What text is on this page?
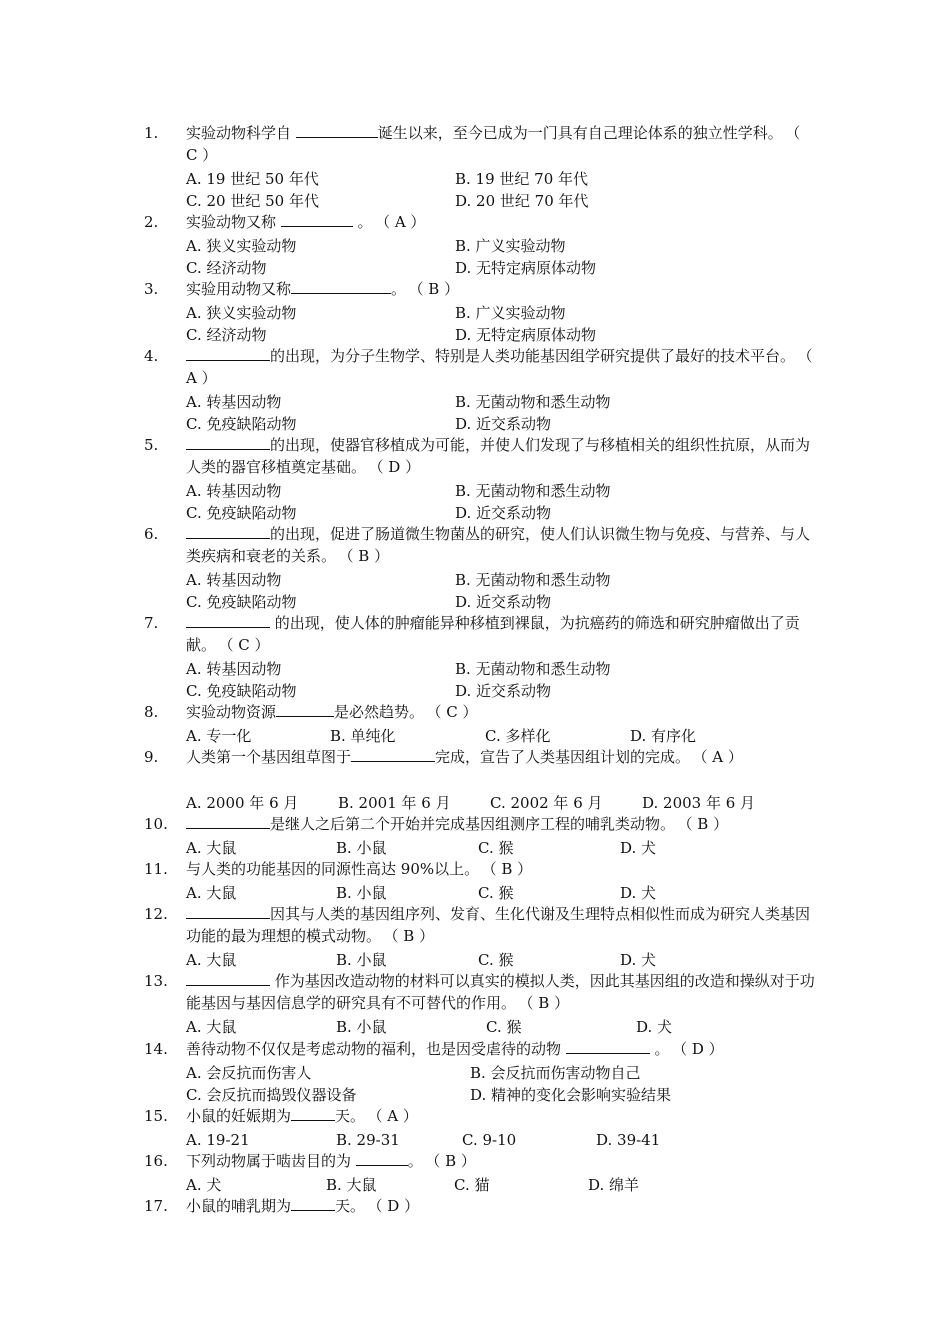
1.	实验动物科学自	诞生以来，至今已成为一门具有自己理论体系的独立性学科。 （ C ）
A. 19 世纪 50 年代	B. 19 世纪 70 年代
C. 20 世纪 50 年代	D. 20 世纪 70 年代
2.	实验动物又称	。 （ A ）
A. 狭义实验动物	B. 广义实验动物
C. 经济动物	D. 无特定病原体动物
3.	实验用动物又称	。 （ B ）
A. 狭义实验动物	B. 广义实验动物
C. 经济动物	D. 无特定病原体动物
4.	的出现，为分子生物学、特别是人类功能基因组学研究提供了最好的技术平台。 （ A ）
A. 转基因动物	B. 无菌动物和悉生动物
C. 免疫缺陷动物	D. 近交系动物
5.	的出现，使器官移植成为可能，并使人们发现了与移植相关的组织性抗原，从而为人类的器官移植奠定基础。 （ D ）
A. 转基因动物	B. 无菌动物和悉生动物
C. 免疫缺陷动物	D. 近交系动物
6.	的出现，促进了肠道微生物菌丛的研究，使人们认识微生物与免疫、与营养、与人类疾病和衰老的关系。 （ B ）
A. 转基因动物	B. 无菌动物和悉生动物
C. 免疫缺陷动物	D. 近交系动物
7.	的出现，使人体的肿瘤能异种移植到裸鼠，为抗癌药的筛选和研究肿瘤做出了贡献。 （ C ）
A. 转基因动物	B. 无菌动物和悉生动物
C. 免疫缺陷动物	D. 近交系动物
8.	实验动物资源	是必然趋势。 （ C ）
A. 专一化	B. 单纯化	C. 多样化	D. 有序化
9.	人类第一个基因组草图于	完成，宣告了人类基因组计划的完成。 （ A ）
A. 2000 年 6 月	B. 2001 年 6 月	C. 2002 年 6 月	D. 2003 年 6 月
10.	是继人之后第二个开始并完成基因组测序工程的哺乳类动物。 （ B ）
A. 大鼠	B. 小鼠	C. 猴	D. 犬
11.	与人类的功能基因的同源性高达 90%以上。 （ B ）
A. 大鼠	B. 小鼠	C. 猴	D. 犬
12.	因其与人类的基因组序列、发育、生化代谢及生理特点相似性而成为研究人类基因功能的最为理想的模式动物。 （ B ）
A. 大鼠	B. 小鼠	C. 猴	D. 犬
13.	作为基因改造动物的材料可以真实的模拟人类，因此其基因组的改造和操纵对于功能基因与基因信息学的研究具有不可替代的作用。 （ B ）
A. 大鼠	B. 小鼠	C. 猴	D. 犬
14.	善待动物不仅仅是考虑动物的福利，也是因受虐待的动物	。 （ D ）
A. 会反抗而伤害人	B. 会反抗而伤害动物自己
C. 会反抗而捣毁仪器设备	D. 精神的变化会影响实验结果
15.	小鼠的妊娠期为	天。 （ A ）
A. 19-21	B. 29-31	C. 9-10	D. 39-41
16.	下列动物属于啮齿目的为	。 （ B ）
A. 犬	B. 大鼠	C. 猫	D. 绵羊
17.	小鼠的哺乳期为	天。 （ D ）
